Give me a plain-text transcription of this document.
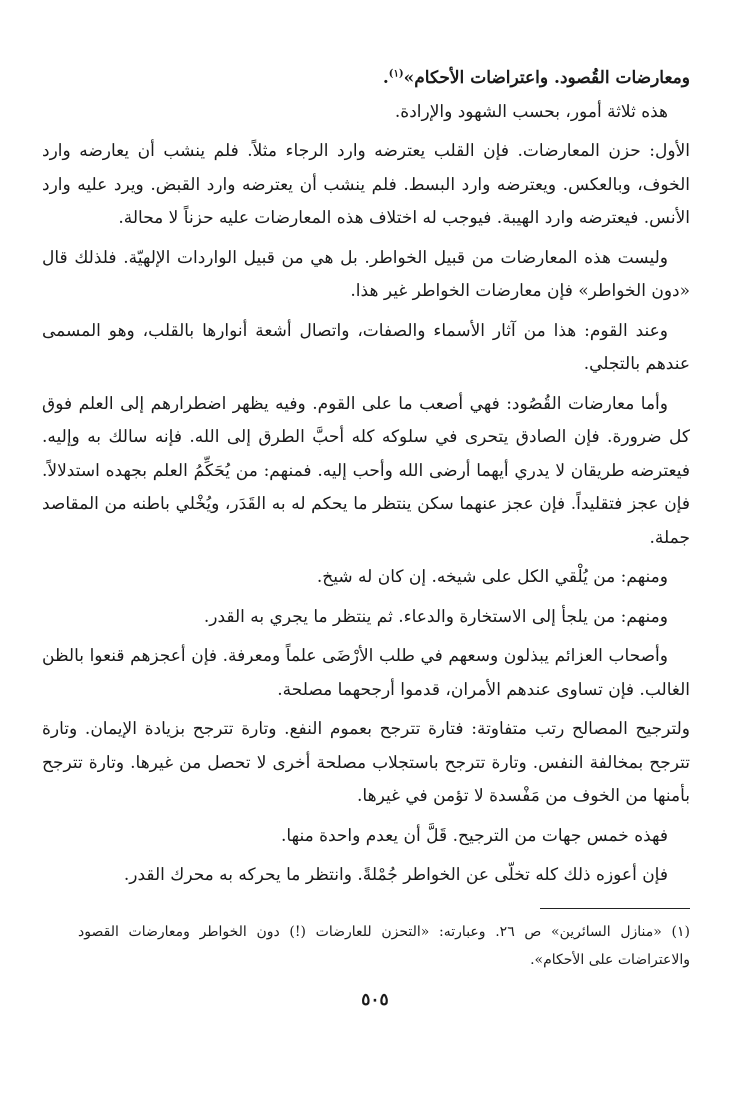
ومعارضات القُصود. واعتراضات الأحكام»$^{(١)}$.

هذه ثلاثة أمور، بحسب الشهود والإرادة.

الأول: حزن المعارضات. فإن القلب يعترضه وارد الرجاء مثلاً. فلم ينشب أن يعارضه وارد الخوف، وبالعكس. ويعترضه وارد البسط. فلم ينشب أن يعترضه وارد القبض. ويرد عليه وارد الأنس. فيعترضه وارد الهيبة. فيوجب له اختلاف هذه المعارضات عليه حزناً لا محالة.

وليست هذه المعارضات من قبيل الخواطر. بل هي من قبيل الواردات الإلهيّة. فلذلك قال «دون الخواطر» فإن معارضات الخواطر غير هذا.

وعند القوم: هذا من آثار الأسماء والصفات، واتصال أشعة أنوارها بالقلب، وهو المسمى عندهم بالتجلي.

وأما معارضات القُصُود: فهي أصعب ما على القوم. وفيه يظهر اضطرارهم إلى العلم فوق كل ضرورة. فإن الصادق يتحرى في سلوكه كله أحبَّ الطرق إلى الله. فإنه سالك به وإليه. فيعترضه طريقان لا يدري أيهما أرضى الله وأحب إليه. فمنهم: من يُحَكِّمُ العلم بجهده استدلالاً. فإن عجز فتقليداً. فإن عجز عنهما سكن ينتظر ما يحكم له به القَدَر، ويُخْلي باطنه من المقاصد جملة.

ومنهم: من يُلْقي الكل على شيخه. إن كان له شيخ.

ومنهم: من يلجأ إلى الاستخارة والدعاء. ثم ينتظر ما يجري به القدر.

وأصحاب العزائم يبذلون وسعهم في طلب الأرْضَى علماً ومعرفة. فإن أعجزهم قنعوا بالظن الغالب. فإن تساوى عندهم الأمران، قدموا أرجحهما مصلحة.

ولترجيح المصالح رتب متفاوتة: فتارة تترجح بعموم النفع. وتارة تترجح بزيادة الإيمان. وتارة تترجح بمخالفة النفس. وتارة تترجح باستجلاب مصلحة أخرى لا تحصل من غيرها. وتارة تترجح بأمنها من الخوف من مَفْسدة لا تؤمن في غيرها.

فهذه خمس جهات من الترجيح. قَلَّ أن يعدم واحدة منها.

فإن أعوزه ذلك كله تخلّى عن الخواطر جُمْلةً. وانتظر ما يحركه به محرك القدر.

(١) «منازل السائرين» ص ٢٦. وعبارته: «التحزن للعارضات (!) دون الخواطر ومعارضات القصود والاعتراضات على الأحكام».
٥٠٥
